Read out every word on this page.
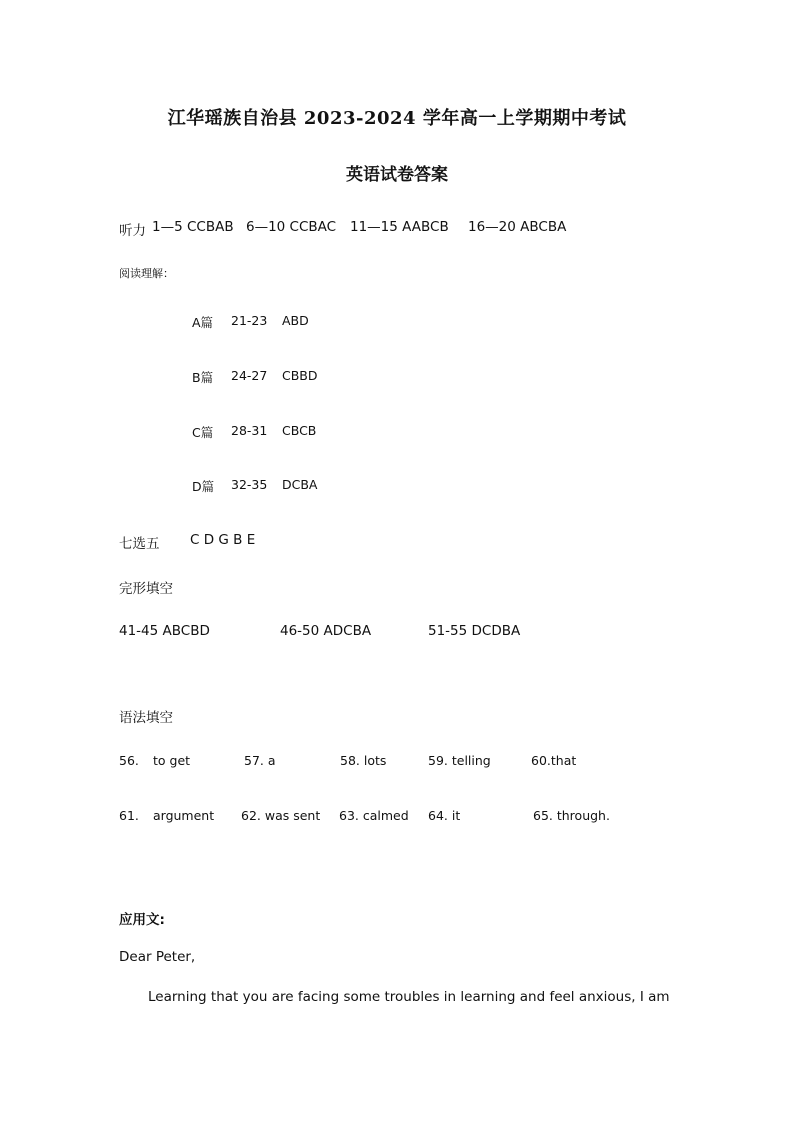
江华瑶族自治县 2023-2024 学年高一上学期期中考试
英语试卷答案
听力 1—5 CCBAB 6—10 CCBAC 11—15 AABCB 16—20 ABCBA
阅读理解：
A篇 21-23 ABD
B篇 24-27 CBBD
C篇 28-31 CBCB
D篇 32-35 DCBA
七选五 C D G B E
完形填空
41-45 ABCBD	46-50 ADCBA	51-55 DCDBA
语法填空
56. to get	57. a	58. lots	59. telling	60.that
61. argument 62. was sent 63. calmed 64. it	65. through.
应用文:
Dear Peter,
Learning that you are facing some troubles in learning and feel anxious, I am
